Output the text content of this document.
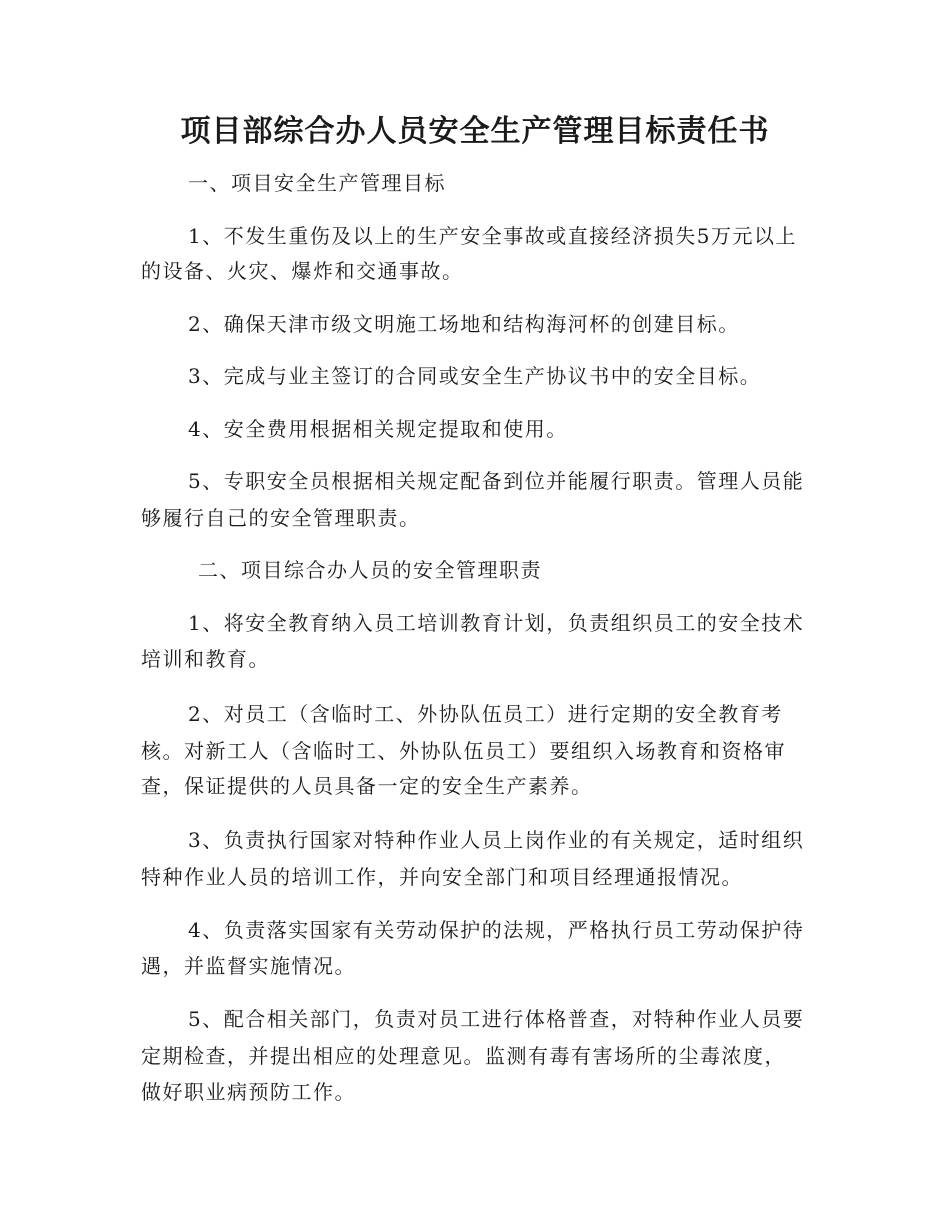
项目部综合办人员安全生产管理目标责任书

一、项目安全生产管理目标

1、不发生重伤及以上的生产安全事故或直接经济损失5万元以上

的设备、火灾、爆炸和交通事故。

2、确保天津市级文明施工场地和结构海河杯的创建目标。

3、完成与业主签订的合同或安全生产协议书中的安全目标。

4、安全费用根据相关规定提取和使用。

5、专职安全员根据相关规定配备到位并能履行职责。管理人员能

够履行自己的安全管理职责。

二、项目综合办人员的安全管理职责

1、将安全教育纳入员工培训教育计划，负责组织员工的安全技术

培训和教育。

2、对员工（含临时工、外协队伍员工）进行定期的安全教育考

核。对新工人（含临时工、外协队伍员工）要组织入场教育和资格审

查，保证提供的人员具备一定的安全生产素养。

3、负责执行国家对特种作业人员上岗作业的有关规定，适时组织

特种作业人员的培训工作，并向安全部门和项目经理通报情况。

4、负责落实国家有关劳动保护的法规，严格执行员工劳动保护待

遇，并监督实施情况。

5、配合相关部门，负责对员工进行体格普查，对特种作业人员要

定期检查，并提出相应的处理意见。监测有毒有害场所的尘毒浓度，

做好职业病预防工作。
